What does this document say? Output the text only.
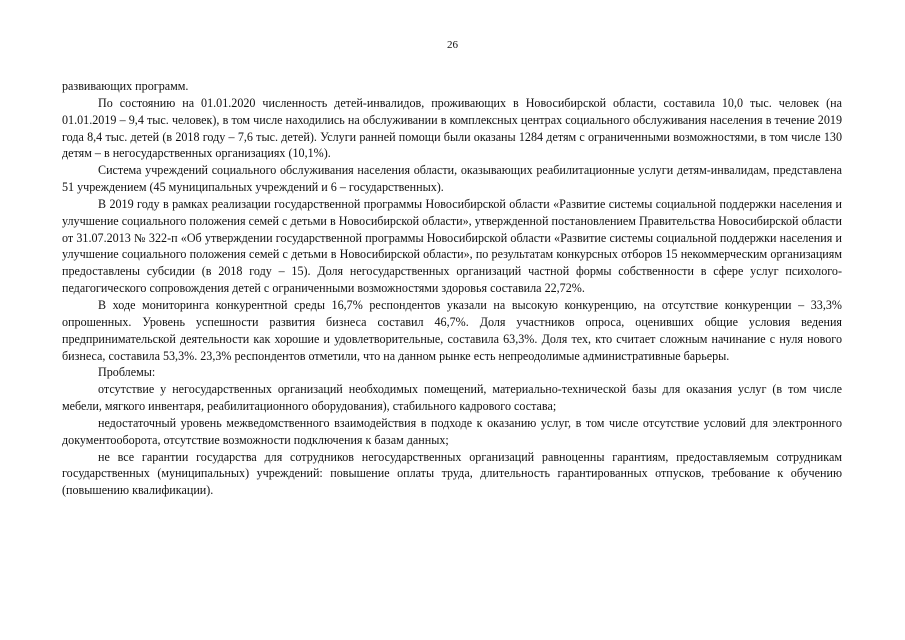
26

развивающих программ.

По состоянию на 01.01.2020 численность детей-инвалидов, проживающих в Новосибирской области, составила 10,0 тыс. человек (на 01.01.2019 – 9,4 тыс. человек), в том числе находились на обслуживании в комплексных центрах социального обслуживания населения в течение 2019 года 8,4 тыс. детей (в 2018 году – 7,6 тыс. детей). Услуги ранней помощи были оказаны 1284 детям с ограниченными возможностями, в том числе 130 детям – в негосударственных организациях (10,1%).

Система учреждений социального обслуживания населения области, оказывающих реабилитационные услуги детям-инвалидам, представлена 51 учреждением (45 муниципальных учреждений и 6 – государственных).

В 2019 году в рамках реализации государственной программы Новосибирской области «Развитие системы социальной поддержки населения и улучшение социального положения семей с детьми в Новосибирской области», утвержденной постановлением Правительства Новосибирской области от 31.07.2013 № 322-п «Об утверждении государственной программы Новосибирской области «Развитие системы социальной поддержки населения и улучшение социального положения семей с детьми в Новосибирской области», по результатам конкурсных отборов 15 некоммерческим организациям предоставлены субсидии (в 2018 году – 15). Доля негосударственных организаций частной формы собственности в сфере услуг психолого-педагогического сопровождения детей с ограниченными возможностями здоровья составила 22,72%.

В ходе мониторинга конкурентной среды 16,7% респондентов указали на высокую конкуренцию, на отсутствие конкуренции – 33,3% опрошенных. Уровень успешности развития бизнеса составил 46,7%. Доля участников опроса, оценивших общие условия ведения предпринимательской деятельности как хорошие и удовлетворительные, составила 63,3%. Доля тех, кто считает сложным начинание с нуля нового бизнеса, составила 53,3%. 23,3% респондентов отметили, что на данном рынке есть непреодолимые административные барьеры.

Проблемы:

отсутствие у негосударственных организаций необходимых помещений, материально-технической базы для оказания услуг (в том числе мебели, мягкого инвентаря, реабилитационного оборудования), стабильного кадрового состава;

недостаточный уровень межведомственного взаимодействия в подходе к оказанию услуг, в том числе отсутствие условий для электронного документооборота, отсутствие возможности подключения к базам данных;

не все гарантии государства для сотрудников негосударственных организаций равноценны гарантиям, предоставляемым сотрудникам государственных (муниципальных) учреждений: повышение оплаты труда, длительность гарантированных отпусков, требование к обучению (повышению квалификации).
